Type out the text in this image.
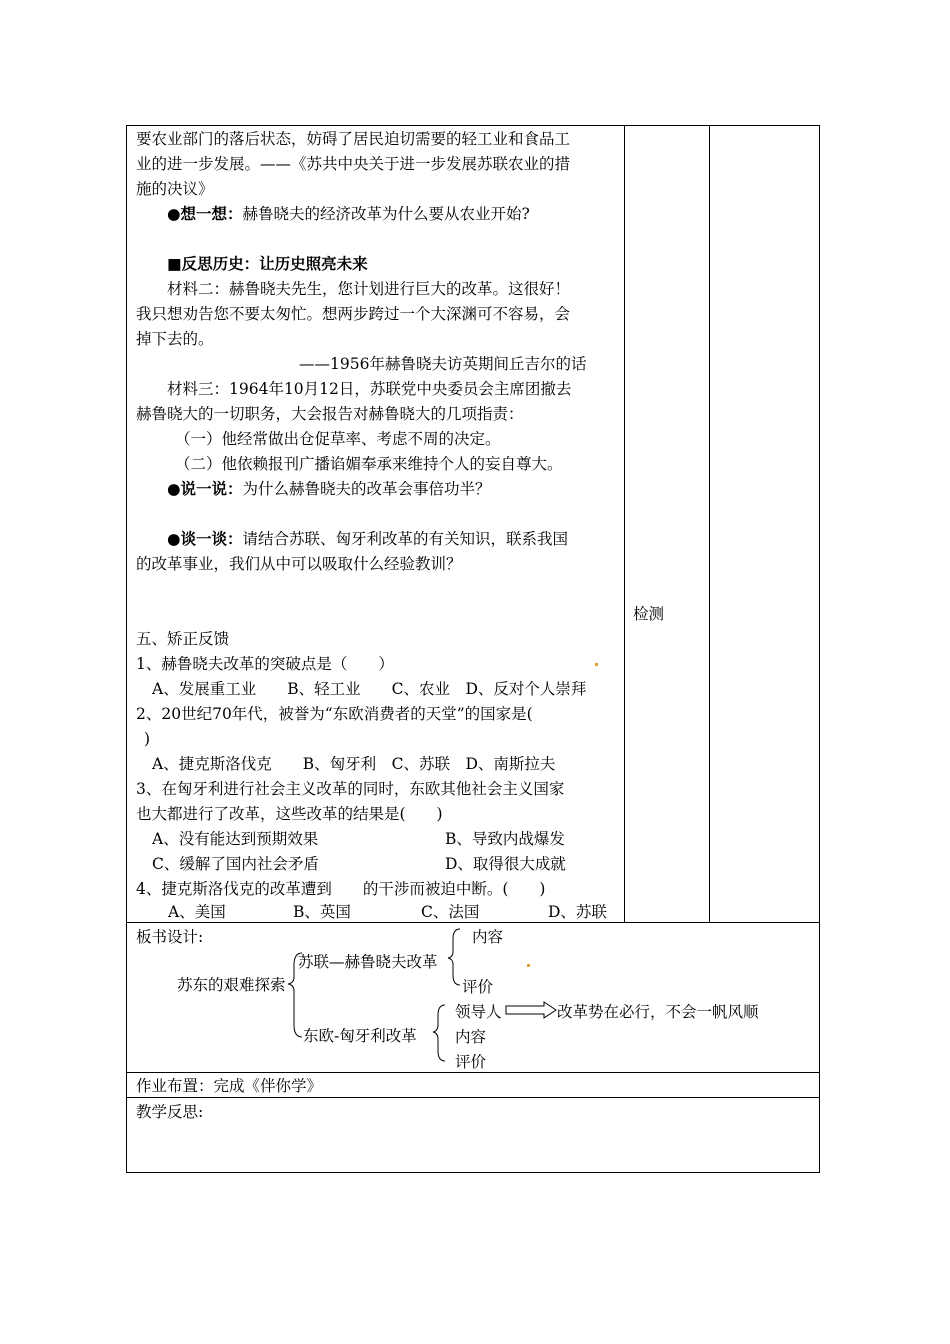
要农业部门的落后状态，妨碍了居民迫切需要的轻工业和食品工
业的进一步发展。——《苏共中央关于进一步发展苏联农业的措
施的决议》
●想一想：赫鲁晓夫的经济改革为什么要从农业开始?
■反思历史：让历史照亮未来
材料二：赫鲁晓夫先生，您计划进行巨大的改革。这很好！
我只想劝告您不要太匆忙。想两步跨过一个大深渊可不容易，会
掉下去的。
——1956年赫鲁晓夫访英期间丘吉尔的话
材料三：1964年10月12日，苏联党中央委员会主席团撤去
赫鲁晓大的一切职务，大会报告对赫鲁晓大的几项指责：
（一）他经常做出仓促草率、考虑不周的决定。
（二）他依赖报刊广播谄媚奉承来维持个人的妄自尊大。
●说一说：为什么赫鲁晓夫的改革会事倍功半？
●谈一谈：请结合苏联、匈牙利改革的有关知识，联系我国
的改革事业，我们从中可以吸取什么经验教训？
五、矫正反馈
1、赫鲁晓夫改革的突破点是（　　）
A、发展重工业　　B、轻工业　　C、农业　D、反对个人崇拜
2、20世纪70年代，被誉为“东欧消费者的天堂”的国家是(
)
A、捷克斯洛伐克　　B、匈牙利　C、苏联　D、南斯拉夫
3、在匈牙利进行社会主义改革的同时，东欧其他社会主义国家
也大都进行了改革，这些改革的结果是(　　)
A、没有能达到预期效果	B、导致内战爆发
C、缓解了国内社会矛盾	D、取得很大成就
4、捷克斯洛伐克的改革遭到　　的干涉而被迫中断。(　　)
A、美国	B、英国	C、法国	D、苏联
检测
板书设计:
苏东的艰难探索
苏联—赫鲁晓夫改革
内容
评价
东欧-匈牙利改革
领导人
内容
评价
改革势在必行，不会一帆风顺
作业布置：完成《伴你学》
教学反思:
